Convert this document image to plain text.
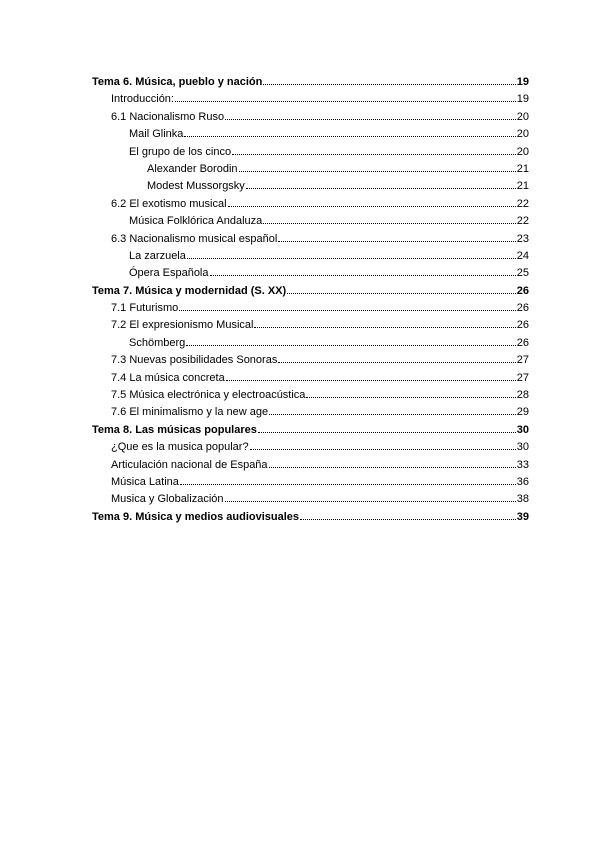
Tema 6. Música, pueblo y nación	19
Introducción:	19
6.1 Nacionalismo Ruso	20
Mail Glinka	20
El grupo de los cinco	20
Alexander Borodin	21
Modest Mussorgsky	21
6.2 El exotismo musical	22
Música Folklórica Andaluza	22
6.3 Nacionalismo musical español	23
La zarzuela	24
Ópera Española	25
Tema 7. Música y modernidad (S. XX)	26
7.1 Futurismo	26
7.2 El expresionismo Musical	26
Schömberg	26
7.3 Nuevas posibilidades Sonoras	27
7.4 La música concreta	27
7.5 Música electrónica y electroacústica	28
7.6 El minimalismo y la new age	29
Tema 8. Las músicas populares	30
¿Que es la musica popular?	30
Articulación nacional de España	33
Música Latina	36
Musica y Globalización	38
Tema 9. Música y medios audiovisuales	39
